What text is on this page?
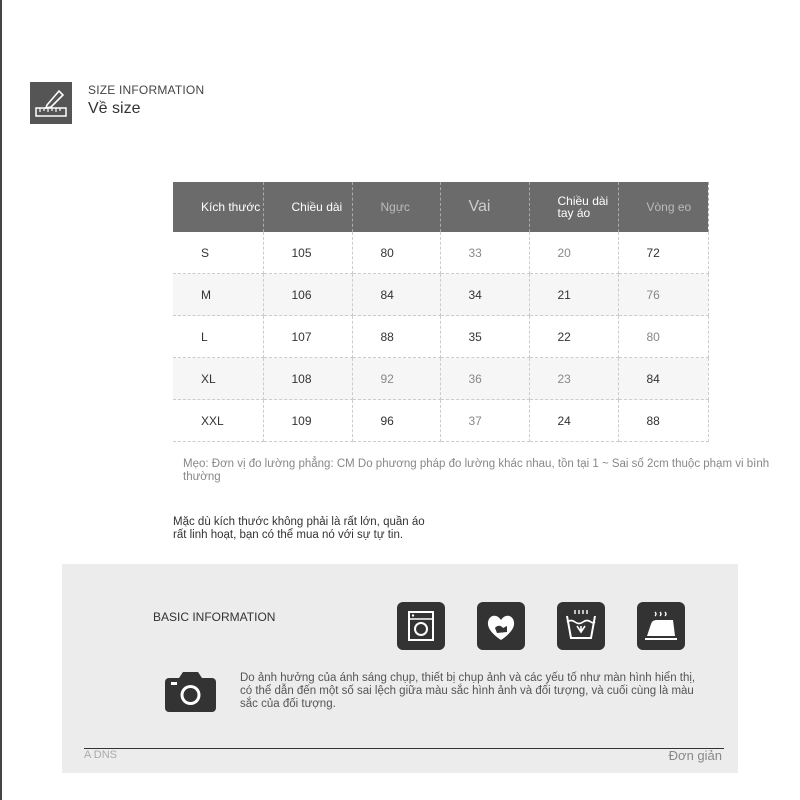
SIZE INFORMATION
Về size
Kích thước	Chiều dài	Ngực	Vai	Chiều dài tay áo	Vòng eo
S	105	80	33	20	72
M	106	84	34	21	76
L	107	88	35	22	80
XL	108	92	36	23	84
XXL	109	96	37	24	88
Mẹo: Đơn vị đo lường phẳng: CM Do phương pháp đo lường khác nhau, tồn tại 1 ~ Sai số 2cm thuộc phạm vi bình thường
Mặc dù kích thước không phải là rất lớn, quần áo rất linh hoạt, bạn có thể mua nó với sự tự tin.
BASIC INFORMATION
Do ảnh hưởng của ánh sáng chụp, thiết bị chụp ảnh và các yếu tố như màn hình hiển thị, có thể dẫn đến một số sai lệch giữa màu sắc hình ảnh và đối tượng, và cuối cùng là màu sắc của đối tượng.
A DNS	Đơn giản
